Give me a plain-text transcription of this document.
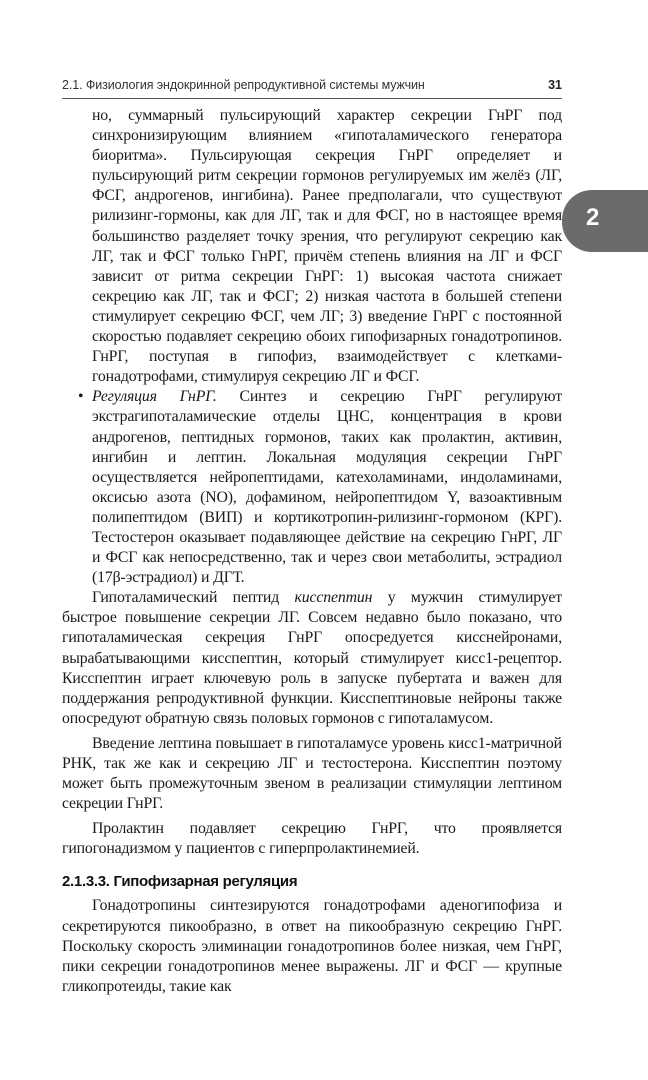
2.1. Физиология эндокринной репродуктивной системы мужчин	31
2

но, суммарный пульсирующий характер секреции ГнРГ под синхронизирующим влиянием «гипоталамического генератора биоритма». Пульсирующая секреция ГнРГ определяет и пульсирующий ритм секреции гормонов регулируемых им желёз (ЛГ, ФСГ, андрогенов, ингибина). Ранее предполагали, что существуют рилизинг-гормоны, как для ЛГ, так и для ФСГ, но в настоящее время большинство разделяет точку зрения, что регулируют секрецию как ЛГ, так и ФСГ только ГнРГ, причём степень влияния на ЛГ и ФСГ зависит от ритма секреции ГнРГ: 1) высокая частота снижает секрецию как ЛГ, так и ФСГ; 2) низкая частота в большей степени стимулирует секрецию ФСГ, чем ЛГ; 3) введение ГнРГ с постоянной скоростью подавляет секрецию обоих гипофизарных гонадотропинов. ГнРГ, поступая в гипофиз, взаимодействует с клетками-гонадотрофами, стимулируя секрецию ЛГ и ФСГ.

• Регуляция ГнРГ. Синтез и секрецию ГнРГ регулируют экстрагипоталамические отделы ЦНС, концентрация в крови андрогенов, пептидных гормонов, таких как пролактин, активин, ингибин и лептин. Локальная модуляция секреции ГнРГ осуществляется нейропептидами, катехоламинами, индоламинами, оксисью азота (NO), дофамином, нейропептидом Y, вазоактивным полипептидом (ВИП) и кортикотропин-рилизинг-гормоном (КРГ). Тестостерон оказывает подавляющее действие на секрецию ГнРГ, ЛГ и ФСГ как непосредственно, так и через свои метаболиты, эстрадиол (17β-эстрадиол) и ДГТ.

Гипоталамический пептид кисспептин у мужчин стимулирует быстрое повышение секреции ЛГ. Совсем недавно было показано, что гипоталамическая секреция ГнРГ опосредуется кисснейронами, вырабатывающими кисспептин, который стимулирует кисс1-рецептор. Кисспептин играет ключевую роль в запуске пубертата и важен для поддержания репродуктивной функции. Кисспептиновые нейроны также опосредуют обратную связь половых гормонов с гипоталамусом.

Введение лептина повышает в гипоталамусе уровень кисс1-матричной РНК, так же как и секрецию ЛГ и тестостерона. Кисспептин поэтому может быть промежуточным звеном в реализации стимуляции лептином секреции ГнРГ.

Пролактин подавляет секрецию ГнРГ, что проявляется гипогонадизмом у пациентов с гиперпролактинемией.

2.1.3.3. Гипофизарная регуляция

Гонадотропины синтезируются гонадотрофами аденогипофиза и секретируются пикообразно, в ответ на пикообразную секрецию ГнРГ. Поскольку скорость элиминации гонадотропинов более низкая, чем ГнРГ, пики секреции гонадотропинов менее выражены. ЛГ и ФСГ — крупные гликопротеиды, такие как
